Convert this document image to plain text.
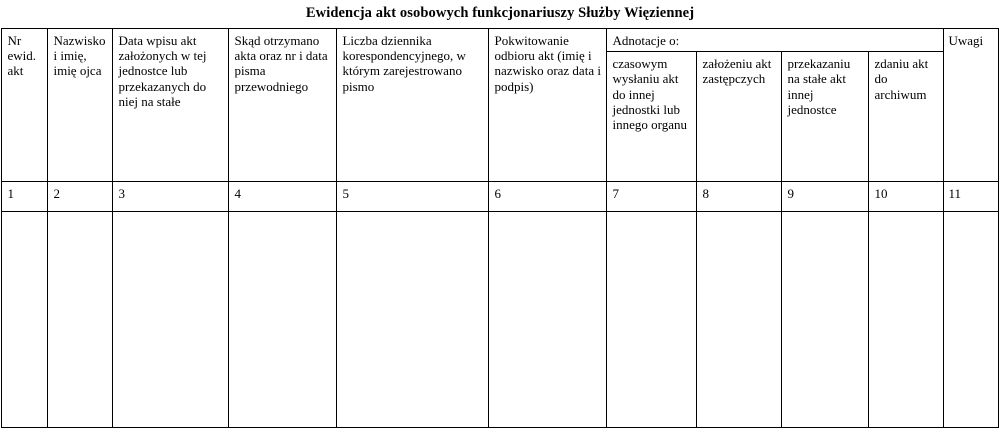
Ewidencja akt osobowych funkcjonariuszy Służby Więziennej
Nr ewid. akt	Nazwisko i imię, imię ojca	Data wpisu akt założonych w tej jednostce lub przekazanych do niej na stałe	Skąd otrzymano akta oraz nr i data pisma przewodniego	Liczba dziennika korespondencyjnego, w którym zarejestrowano pismo	Pokwitowanie odbioru akt (imię i nazwisko oraz data i podpis)	Adnotacje o:				Uwagi
						czasowym wysłaniu akt do innej jednostki lub innego organu	założeniu akt zastępczych	przekazaniu na stałe akt innej jednostce	zdaniu akt do archiwum	
1	2	3	4	5	6	7	8	9	10	11
